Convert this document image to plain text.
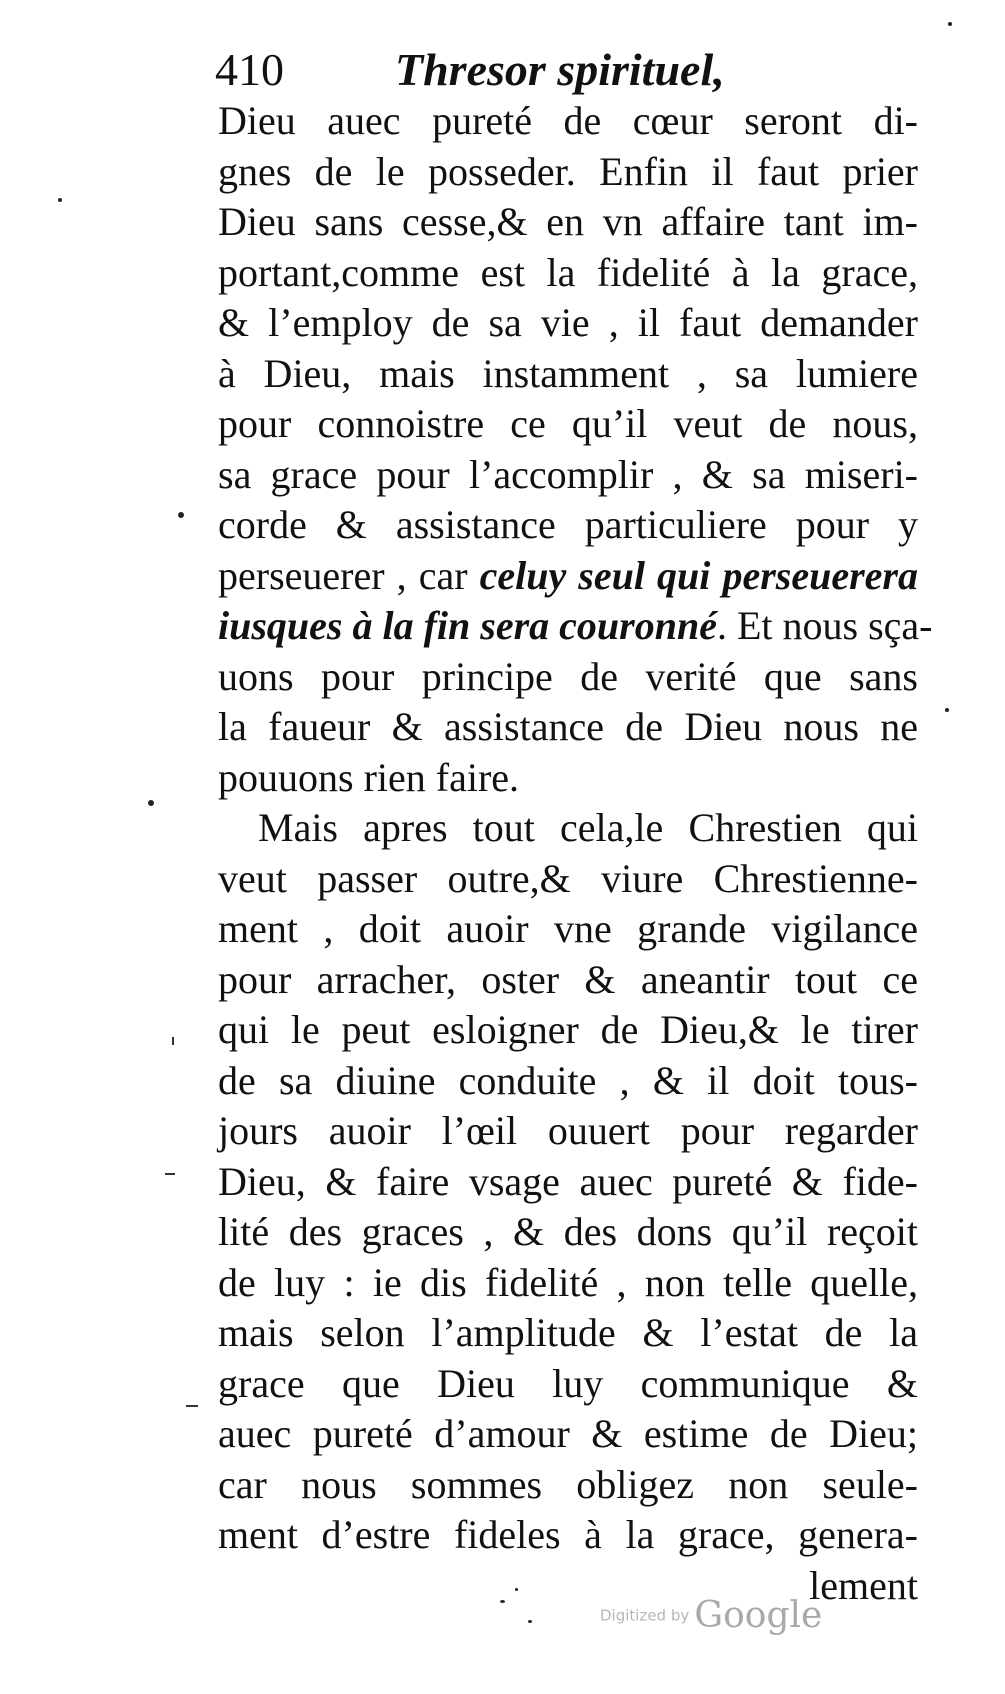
410 Thresor spirituel,
Dieu auec pureté de cœur seront di-
gnes de le posseder. Enfin il faut prier
Dieu sans cesse,& en vn affaire tant im-
portant,comme est la fidelité à la grace,
& l’employ de sa vie , il faut demander
à Dieu, mais instamment , sa lumiere
pour connoistre ce qu’il veut de nous,
sa grace pour l’accomplir , & sa miseri-
corde & assistance particuliere pour y
perseuerer , car celuy seul qui perseuerera
iusques à la fin sera couronné. Et nous sça-
uons pour principe de verité que sans
la faueur & assistance de Dieu nous ne
pouuons rien faire.
Mais apres tout cela,le Chrestien qui
veut passer outre,& viure Chrestienne-
ment , doit auoir vne grande vigilance
pour arracher, oster & aneantir tout ce
qui le peut esloigner de Dieu,& le tirer
de sa diuine conduite , & il doit tous-
jours auoir l’œil ouuert pour regarder
Dieu, & faire vsage auec pureté & fide-
lité des graces , & des dons qu’il reçoit
de luy : ie dis fidelité , non telle quelle,
mais selon l’amplitude & l’estat de la
grace que Dieu luy communique &
auec pureté d’amour & estime de Dieu;
car nous sommes obligez non seule-
ment d’estre fideles à la grace, genera-
lement
Digitized by Google
